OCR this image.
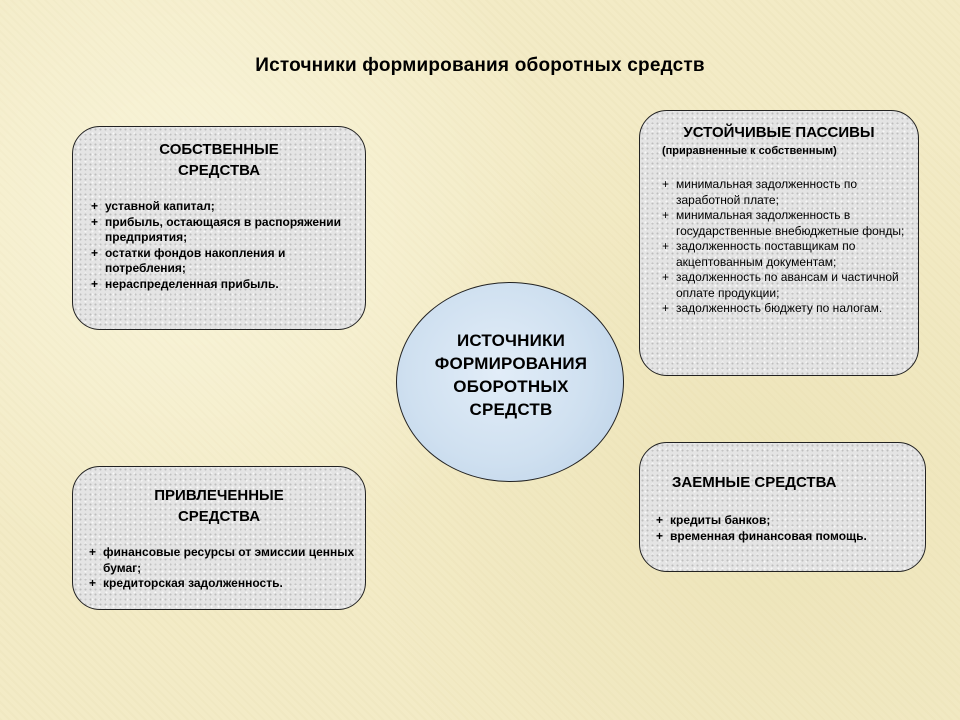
Источники формирования оборотных средств
СОБСТВЕННЫЕ
СРЕДСТВА
+ уставной капитал;
+ прибыль, остающаяся в распоряжении предприятия;
+ остатки фондов накопления и потребления;
+ нераспределенная прибыль.
УСТОЙЧИВЫЕ ПАССИВЫ
(приравненные к собственным)
+ минимальная задолженность по заработной плате;
+ минимальная задолженность в государственные внебюджетные фонды;
+ задолженность поставщикам по акцептованным документам;
+ задолженность по авансам и частичной оплате продукции;
+ задолженность бюджету по налогам.
ИСТОЧНИКИ
ФОРМИРОВАНИЯ
ОБОРОТНЫХ
СРЕДСТВ
ПРИВЛЕЧЕННЫЕ
СРЕДСТВА
+ финансовые ресурсы от эмиссии ценных бумаг;
+ кредиторская задолженность.
ЗАЕМНЫЕ СРЕДСТВА
+ кредиты банков;
+ временная финансовая помощь.
